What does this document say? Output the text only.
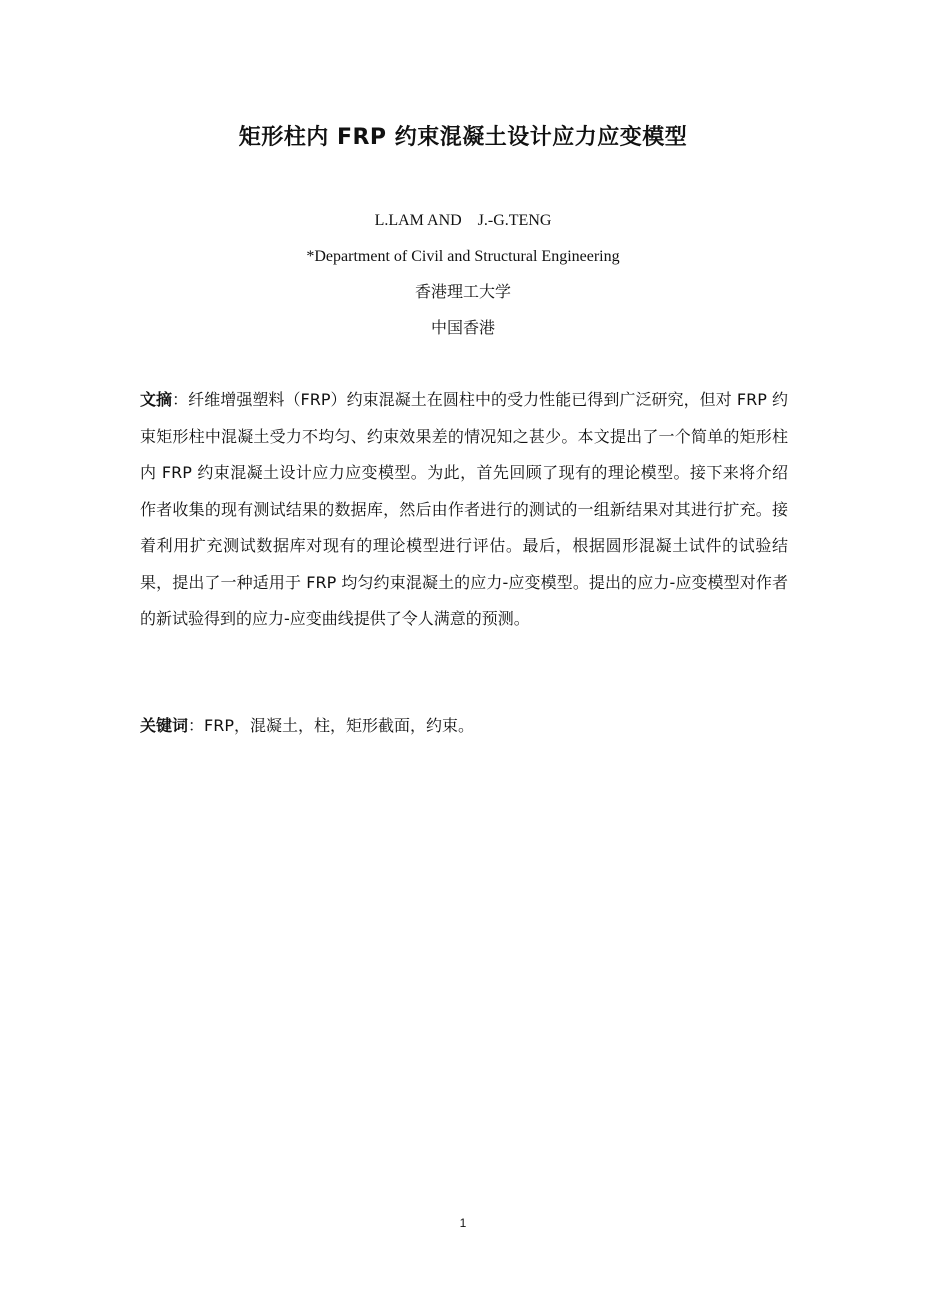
矩形柱内 FRP 约束混凝土设计应力应变模型
L.LAM AND    J.-G.TENG
*Department of Civil and Structural Engineering
香港理工大学
中国香港
文摘：纤维增强塑料（FRP）约束混凝土在圆柱中的受力性能已得到广泛研究，但对 FRP 约束矩形柱中混凝土受力不均匀、约束效果差的情况知之甚少。本文提出了一个简单的矩形柱内 FRP 约束混凝土设计应力应变模型。为此，首先回顾了现有的理论模型。接下来将介绍作者收集的现有测试结果的数据库，然后由作者进行的测试的一组新结果对其进行扩充。接着利用扩充测试数据库对现有的理论模型进行评估。最后，根据圆形混凝土试件的试验结果，提出了一种适用于 FRP 均匀约束混凝土的应力-应变模型。提出的应力-应变模型对作者的新试验得到的应力-应变曲线提供了令人满意的预测。
关键词：FRP，混凝土，柱，矩形截面，约束。
1
